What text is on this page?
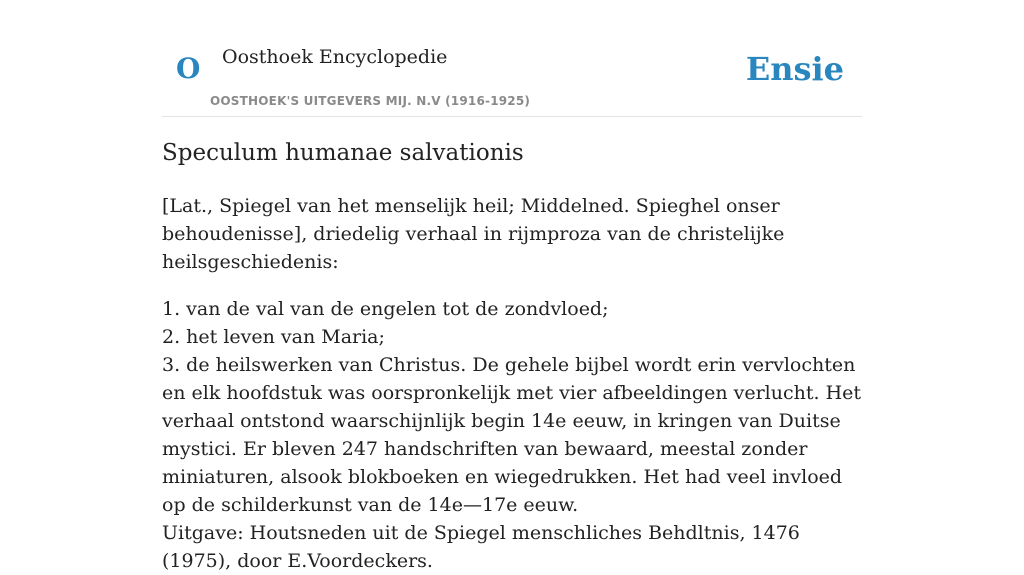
O Oosthoek Encyclopedie
OOSTHOEK'S UITGEVERS MIJ. N.V (1916-1925)
Ensie
Speculum humanae salvationis

[Lat., Spiegel van het menselijk heil; Middelned. Spieghel onser behoudenisse], driedelig verhaal in rijmproza van de christelijke heilsgeschiedenis:

1. van de val van de engelen tot de zondvloed;

2. het leven van Maria;

3. de heilswerken van Christus. De gehele bijbel wordt erin vervlochten en elk hoofdstuk was oorspronkelijk met vier afbeeldingen verlucht. Het verhaal ontstond waarschijnlijk begin 14e eeuw, in kringen van Duitse mystici. Er bleven 247 handschriften van bewaard, meestal zonder miniaturen, alsook blokboeken en wiegedrukken. Het had veel invloed op de schilderkunst van de 14e—17e eeuw.

Uitgave: Houtsneden uit de Spiegel menschliches Behdltnis, 1476 (1975), door E.Voordeckers.
